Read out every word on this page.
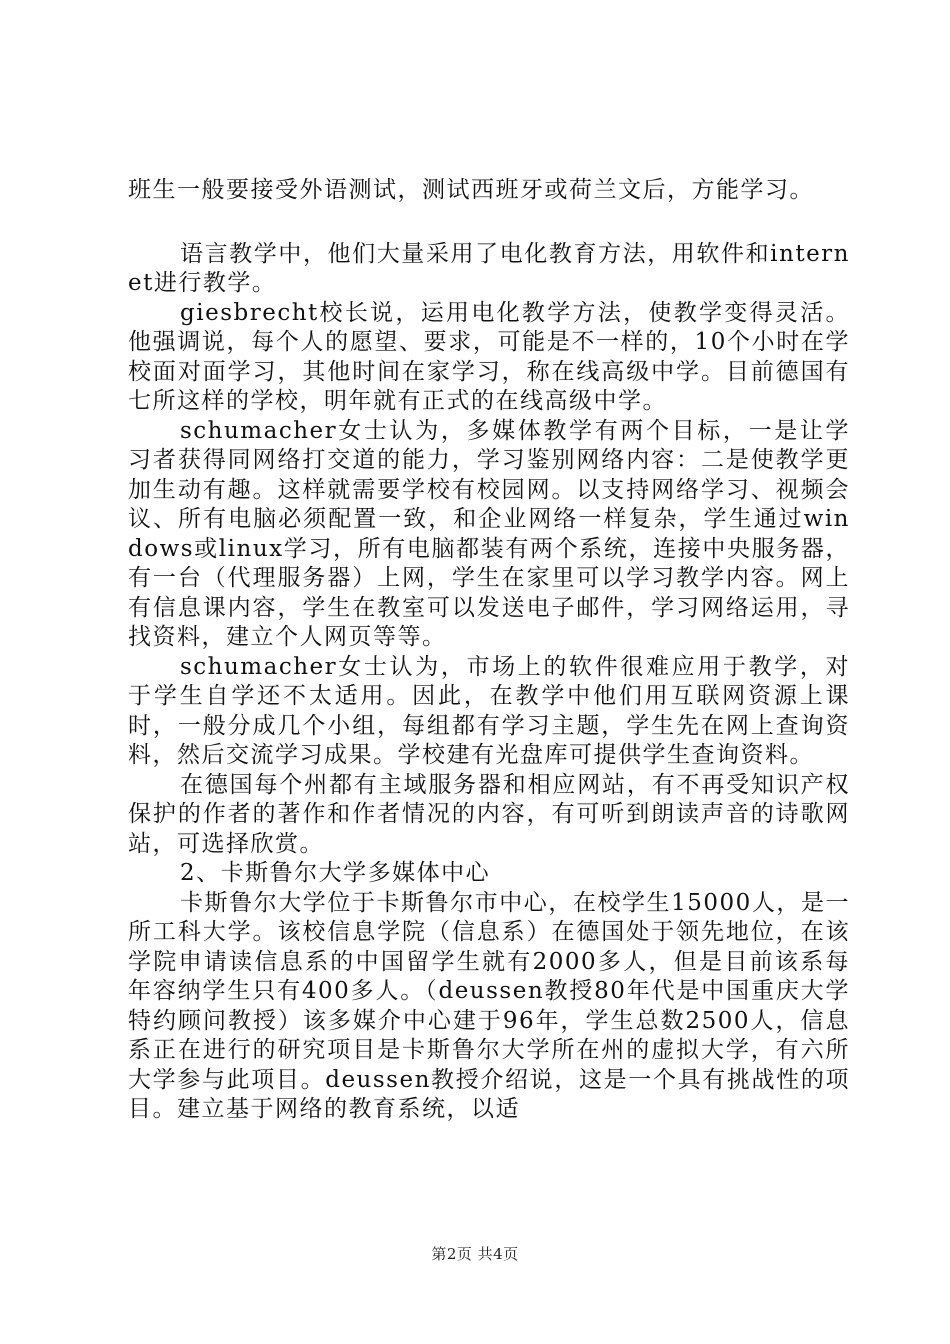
班生一般要接受外语测试，测试西班牙或荷兰文后，方能学习。

语言教学中，他们大量采用了电化教育方法，用软件和internet进行教学。

giesbrecht校长说，运用电化教学方法，使教学变得灵活。他强调说，每个人的愿望、要求，可能是不一样的，10个小时在学校面对面学习，其他时间在家学习，称在线高级中学。目前德国有七所这样的学校，明年就有正式的在线高级中学。

schumacher女士认为，多媒体教学有两个目标，一是让学习者获得同网络打交道的能力，学习鉴别网络内容：二是使教学更加生动有趣。这样就需要学校有校园网。以支持网络学习、视频会议、所有电脑必须配置一致，和企业网络一样复杂，学生通过windows或linux学习，所有电脑都装有两个系统，连接中央服务器，有一台（代理服务器）上网，学生在家里可以学习教学内容。网上有信息课内容，学生在教室可以发送电子邮件，学习网络运用，寻找资料，建立个人网页等等。

schumacher女士认为，市场上的软件很难应用于教学，对于学生自学还不太适用。因此，在教学中他们用互联网资源上课时，一般分成几个小组，每组都有学习主题，学生先在网上查询资料，然后交流学习成果。学校建有光盘库可提供学生查询资料。

在德国每个州都有主域服务器和相应网站，有不再受知识产权保护的作者的著作和作者情况的内容，有可听到朗读声音的诗歌网站，可选择欣赏。

2、卡斯鲁尔大学多媒体中心

卡斯鲁尔大学位于卡斯鲁尔市中心，在校学生15000人，是一所工科大学。该校信息学院（信息系）在德国处于领先地位，在该学院申请读信息系的中国留学生就有2000多人，但是目前该系每年容纳学生只有400多人。（deussen教授80年代是中国重庆大学特约顾问教授）该多媒介中心建于96年，学生总数2500人，信息系正在进行的研究项目是卡斯鲁尔大学所在州的虚拟大学，有六所大学参与此项目。deussen教授介绍说，这是一个具有挑战性的项目。建立基于网络的教育系统，以适

第2页 共4页
